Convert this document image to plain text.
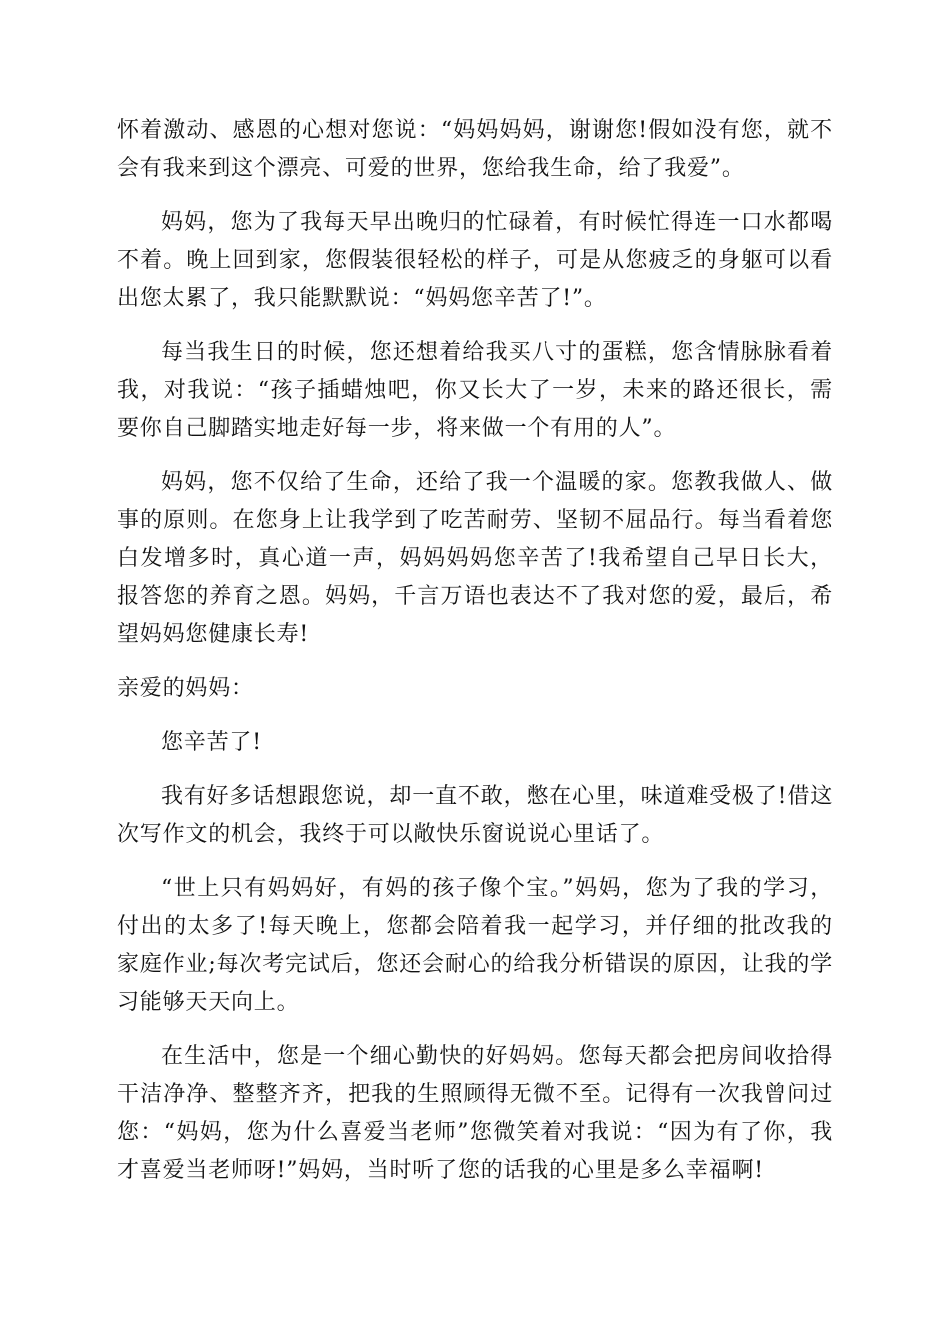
怀着激动、感恩的心想对您说：“妈妈妈妈，谢谢您!假如没有您，就不会有我来到这个漂亮、可爱的世界，您给我生命，给了我爱”。

妈妈，您为了我每天早出晚归的忙碌着，有时候忙得连一口水都喝不着。晚上回到家，您假装很轻松的样子，可是从您疲乏的身躯可以看出您太累了，我只能默默说：“妈妈您辛苦了!”。

每当我生日的时候，您还想着给我买八寸的蛋糕，您含情脉脉看着我，对我说：“孩子插蜡烛吧，你又长大了一岁，未来的路还很长，需要你自己脚踏实地走好每一步，将来做一个有用的人”。

妈妈，您不仅给了生命，还给了我一个温暖的家。您教我做人、做事的原则。在您身上让我学到了吃苦耐劳、坚韧不屈品行。每当看着您白发增多时，真心道一声，妈妈妈妈您辛苦了!我希望自己早日长大，报答您的养育之恩。妈妈，千言万语也表达不了我对您的爱，最后，希望妈妈您健康长寿!

亲爱的妈妈：

您辛苦了!

我有好多话想跟您说，却一直不敢，憋在心里，味道难受极了!借这次写作文的机会，我终于可以敞快乐窗说说心里话了。

“世上只有妈妈好，有妈的孩子像个宝。”妈妈，您为了我的学习，付出的太多了!每天晚上，您都会陪着我一起学习，并仔细的批改我的家庭作业;每次考完试后，您还会耐心的给我分析错误的原因，让我的学习能够天天向上。

在生活中，您是一个细心勤快的好妈妈。您每天都会把房间收拾得干洁净净、整整齐齐，把我的生照顾得无微不至。记得有一次我曾问过您：“妈妈，您为什么喜爱当老师”您微笑着对我说：“因为有了你，我才喜爱当老师呀!”妈妈，当时听了您的话我的心里是多么幸福啊!
